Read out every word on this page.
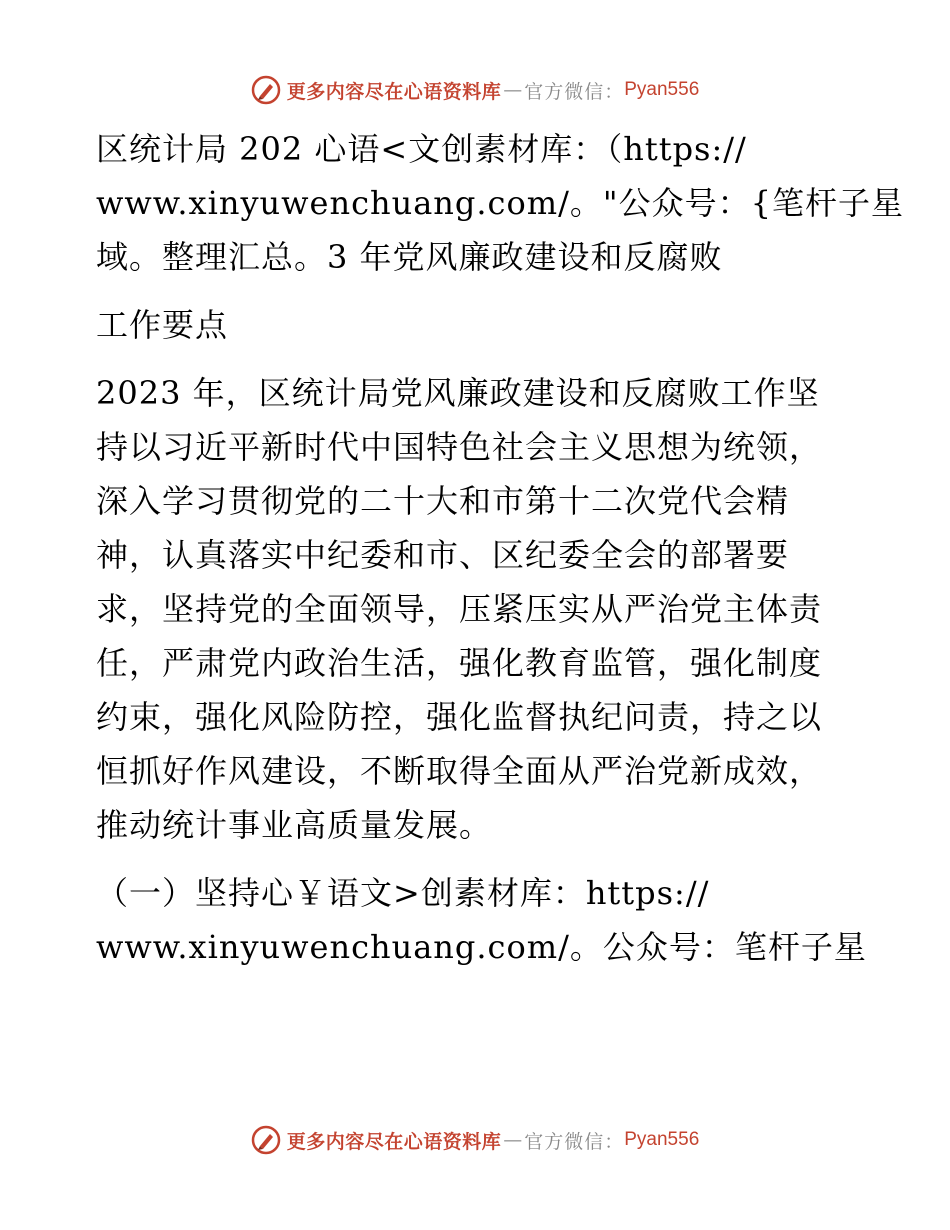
更多内容尽在心语资料库 — 官方微信： Pyan556
区统计局 202 心语<文创素材库：（https://
www.xinyuwenchuang.com/。"公众号：{笔杆子星
域。整理汇总。3 年党风廉政建设和反腐败
工作要点
2023 年，区统计局党风廉政建设和反腐败工作坚
持以习近平新时代中国特色社会主义思想为统领，
深入学习贯彻党的二十大和市第十二次党代会精
神，认真落实中纪委和市、区纪委全会的部署要
求，坚持党的全面领导，压紧压实从严治党主体责
任，严肃党内政治生活，强化教育监管，强化制度
约束，强化风险防控，强化监督执纪问责，持之以
恒抓好作风建设，不断取得全面从严治党新成效，
推动统计事业高质量发展。
（一）坚持心￥语文>创素材库：https://
www.xinyuwenchuang.com/。公众号：笔杆子星
更多内容尽在心语资料库 — 官方微信： Pyan556
